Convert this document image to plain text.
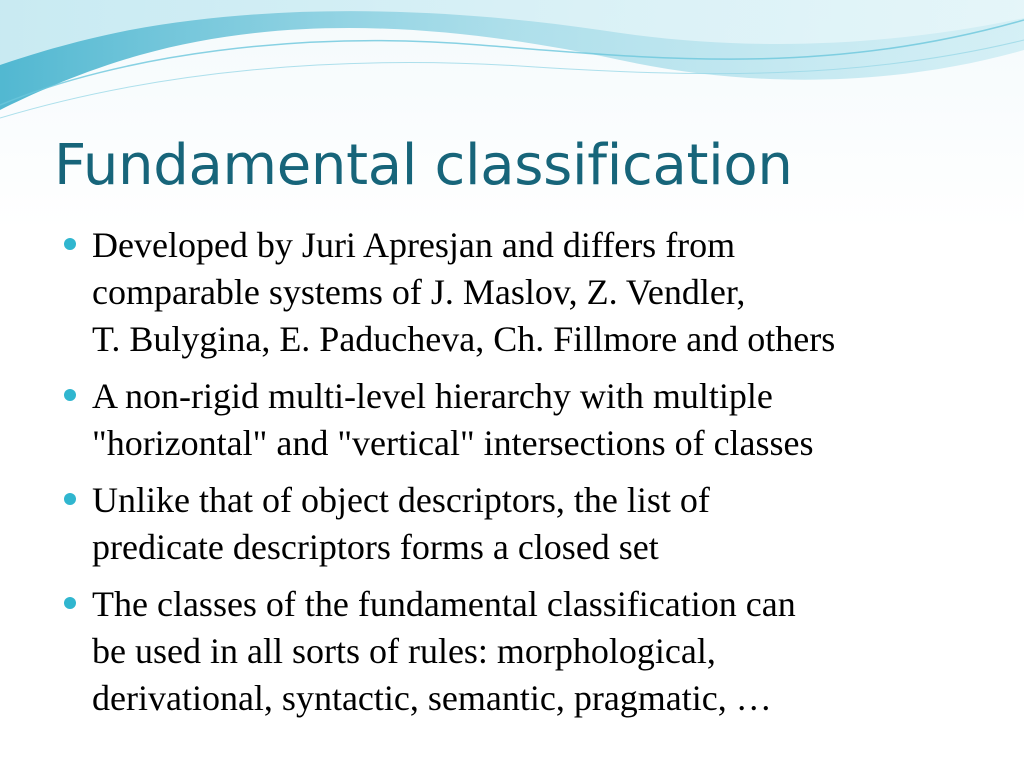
Fundamental classification
Developed by Juri Apresjan and differs from
comparable systems of J. Maslov, Z. Vendler,
T. Bulygina, E. Paducheva, Ch. Fillmore and others
A non-rigid multi-level hierarchy with multiple
"horizontal" and "vertical" intersections of classes
Unlike that of object descriptors, the list of
predicate descriptors forms a closed set
The classes of the fundamental classification can
be used in all sorts of rules: morphological,
derivational, syntactic, semantic, pragmatic, …
